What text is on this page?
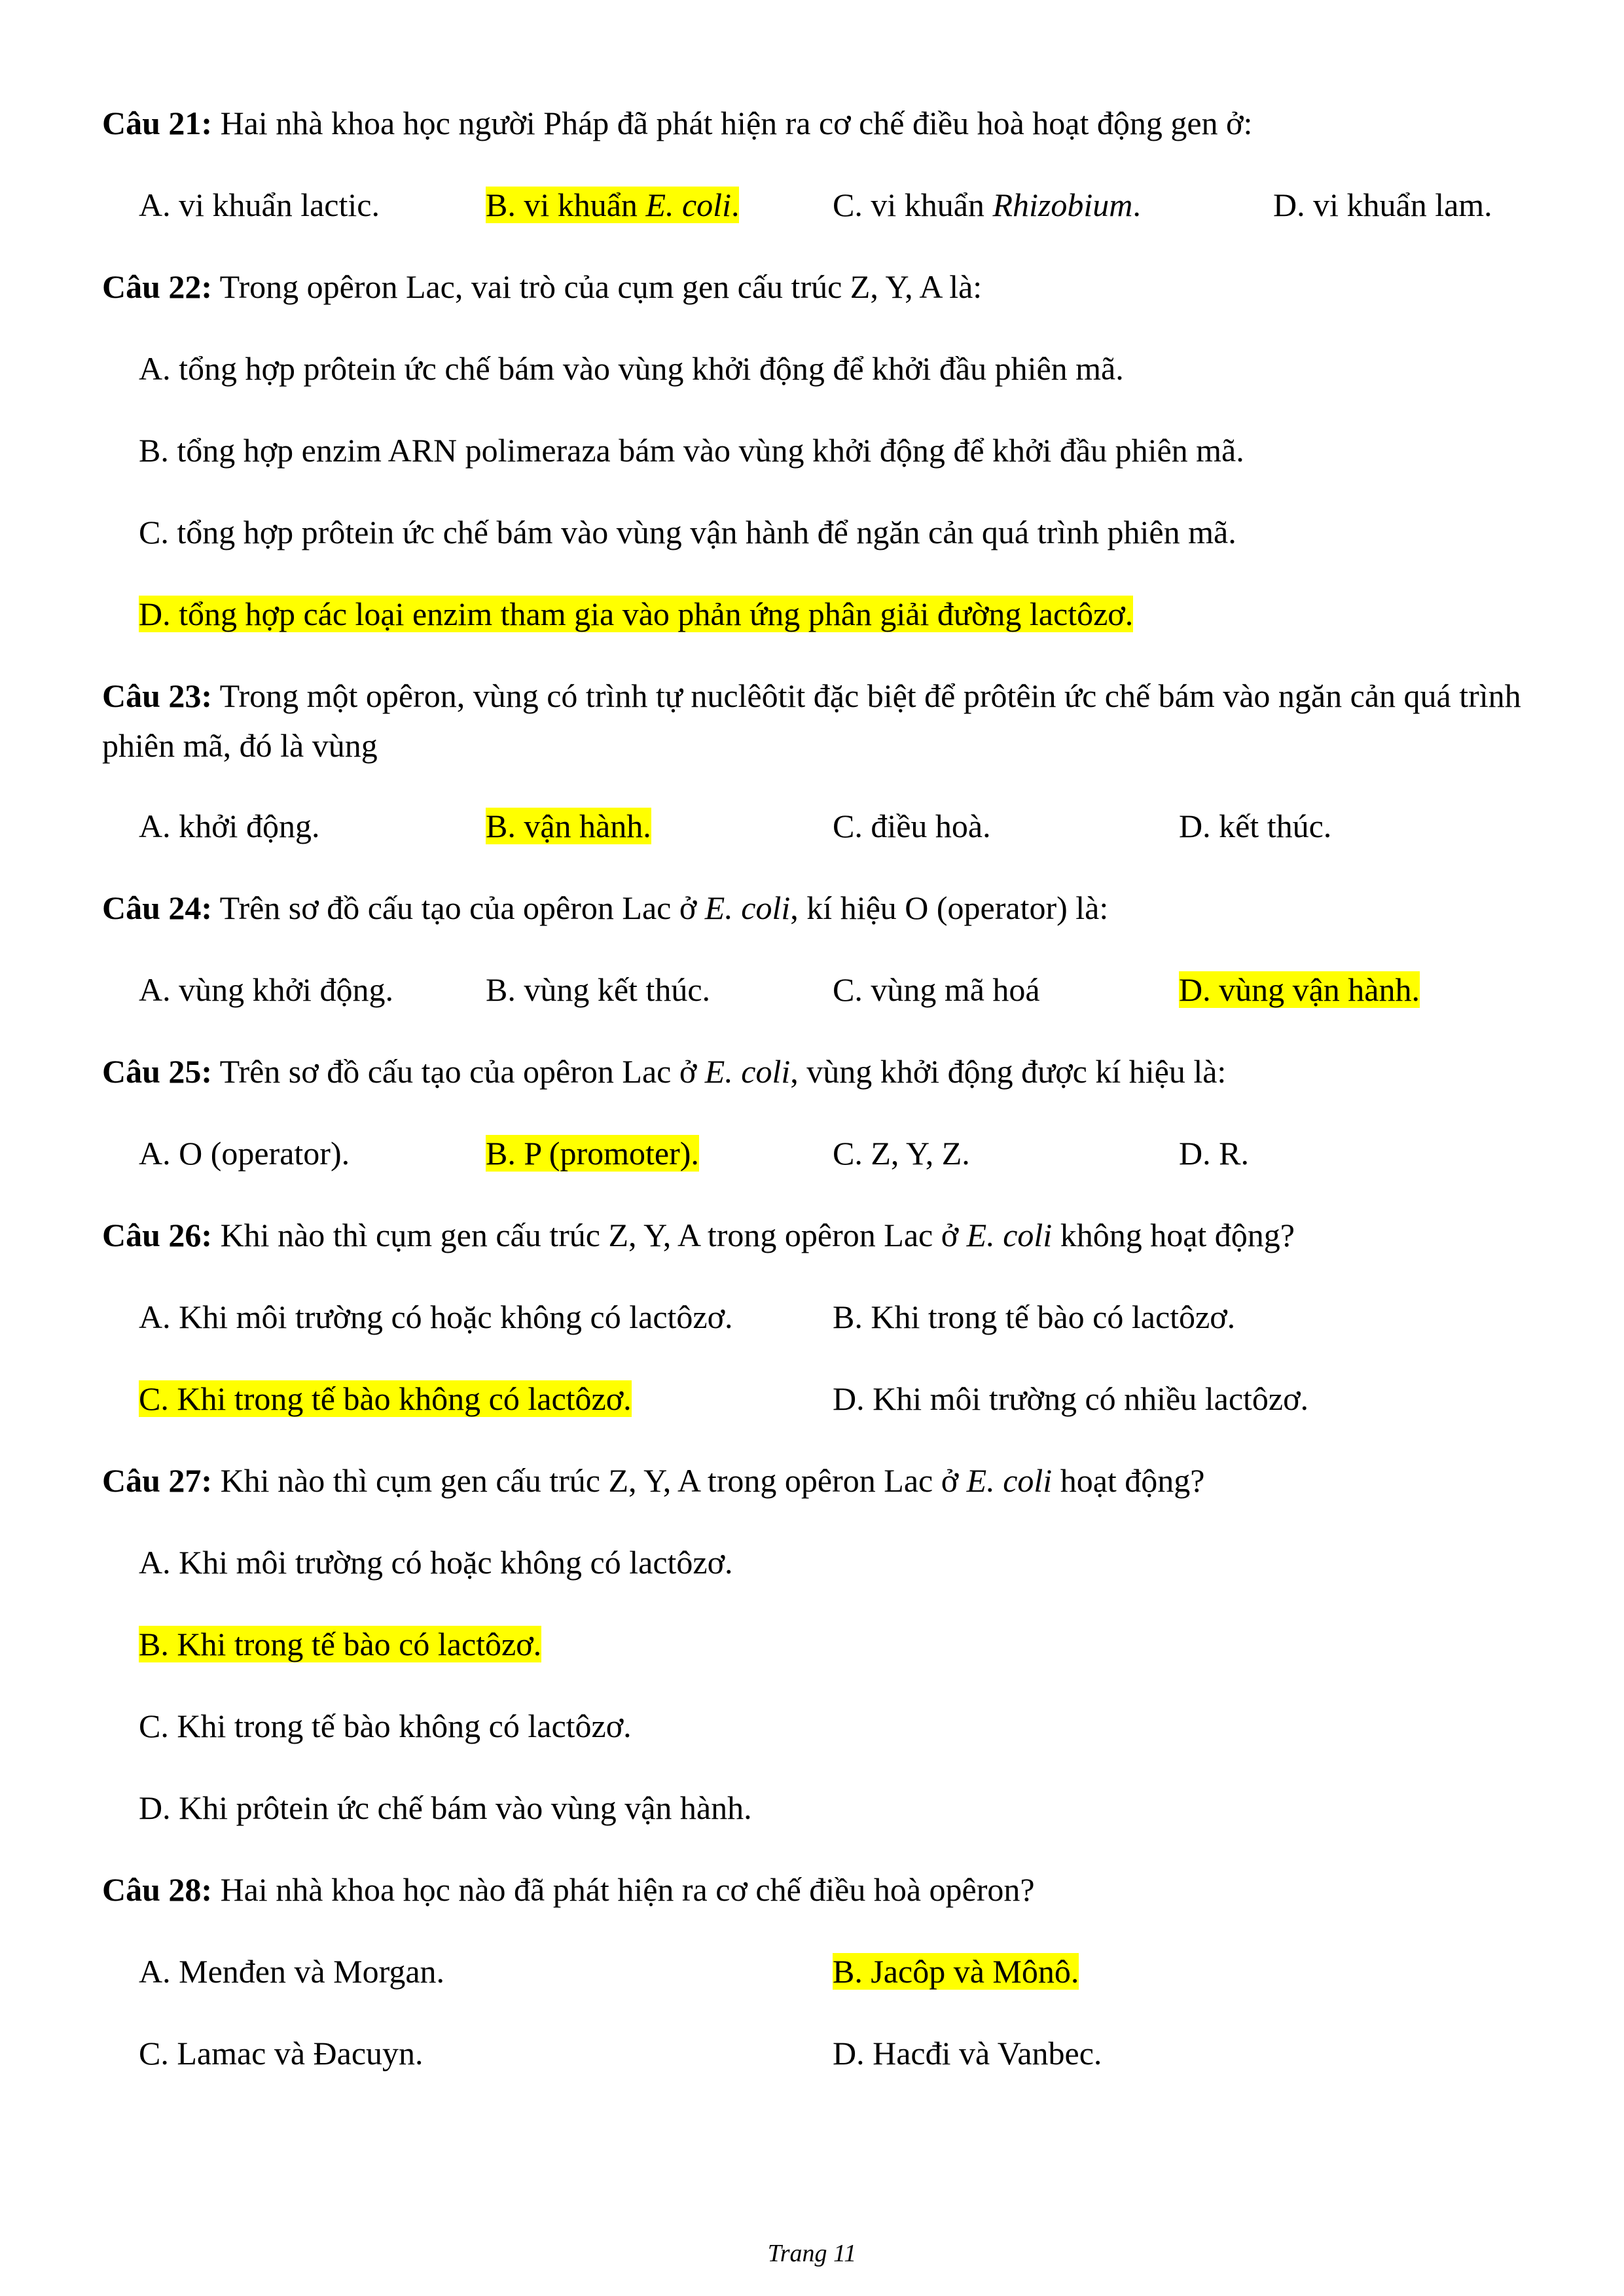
Câu 21: Hai nhà khoa học người Pháp đã phát hiện ra cơ chế điều hoà hoạt động gen ở:

A. vi khuẩn lactic.	B. vi khuẩn E. coli.	C. vi khuẩn Rhizobium.	D. vi khuẩn lam.

Câu 22: Trong opêron Lac, vai trò của cụm gen cấu trúc Z, Y, A là:

A. tổng hợp prôtein ức chế bám vào vùng khởi động để khởi đầu phiên mã.

B. tổng hợp enzim ARN polimeraza bám vào vùng khởi động để khởi đầu phiên mã.

C. tổng hợp prôtein ức chế bám vào vùng vận hành để ngăn cản quá trình phiên mã.

D. tổng hợp các loại enzim tham gia vào phản ứng phân giải đường lactôzơ.

Câu 23: Trong một opêron, vùng có trình tự nuclêôtit đặc biệt để prôtêin ức chế bám vào ngăn cản quá trình phiên mã, đó là vùng

A. khởi động.	B. vận hành.	C. điều hoà.	D. kết thúc.

Câu 24: Trên sơ đồ cấu tạo của opêron Lac ở E. coli, kí hiệu O (operator) là:

A. vùng khởi động.	B. vùng kết thúc.	C. vùng mã hoá	D. vùng vận hành.

Câu 25: Trên sơ đồ cấu tạo của opêron Lac ở E. coli, vùng khởi động được kí hiệu là:

A. O (operator).	B. P (promoter).	C. Z, Y, Z.	D. R.

Câu 26: Khi nào thì cụm gen cấu trúc Z, Y, A trong opêron Lac ở E. coli không hoạt động?

A. Khi môi trường có hoặc không có lactôzơ.	B. Khi trong tế bào có lactôzơ.

C. Khi trong tế bào không có lactôzơ.	D. Khi môi trường có nhiều lactôzơ.

Câu 27: Khi nào thì cụm gen cấu trúc Z, Y, A trong opêron Lac ở E. coli hoạt động?

A. Khi môi trường có hoặc không có lactôzơ.

B. Khi trong tế bào có lactôzơ.

C. Khi trong tế bào không có lactôzơ.

D. Khi prôtein ức chế bám vào vùng vận hành.

Câu 28: Hai nhà khoa học nào đã phát hiện ra cơ chế điều hoà opêron?

A. Menđen và Morgan.	B. Jacôp và Mônô.

C. Lamac và Đacuyn.	D. Hacđi và Vanbec.

Trang 11
